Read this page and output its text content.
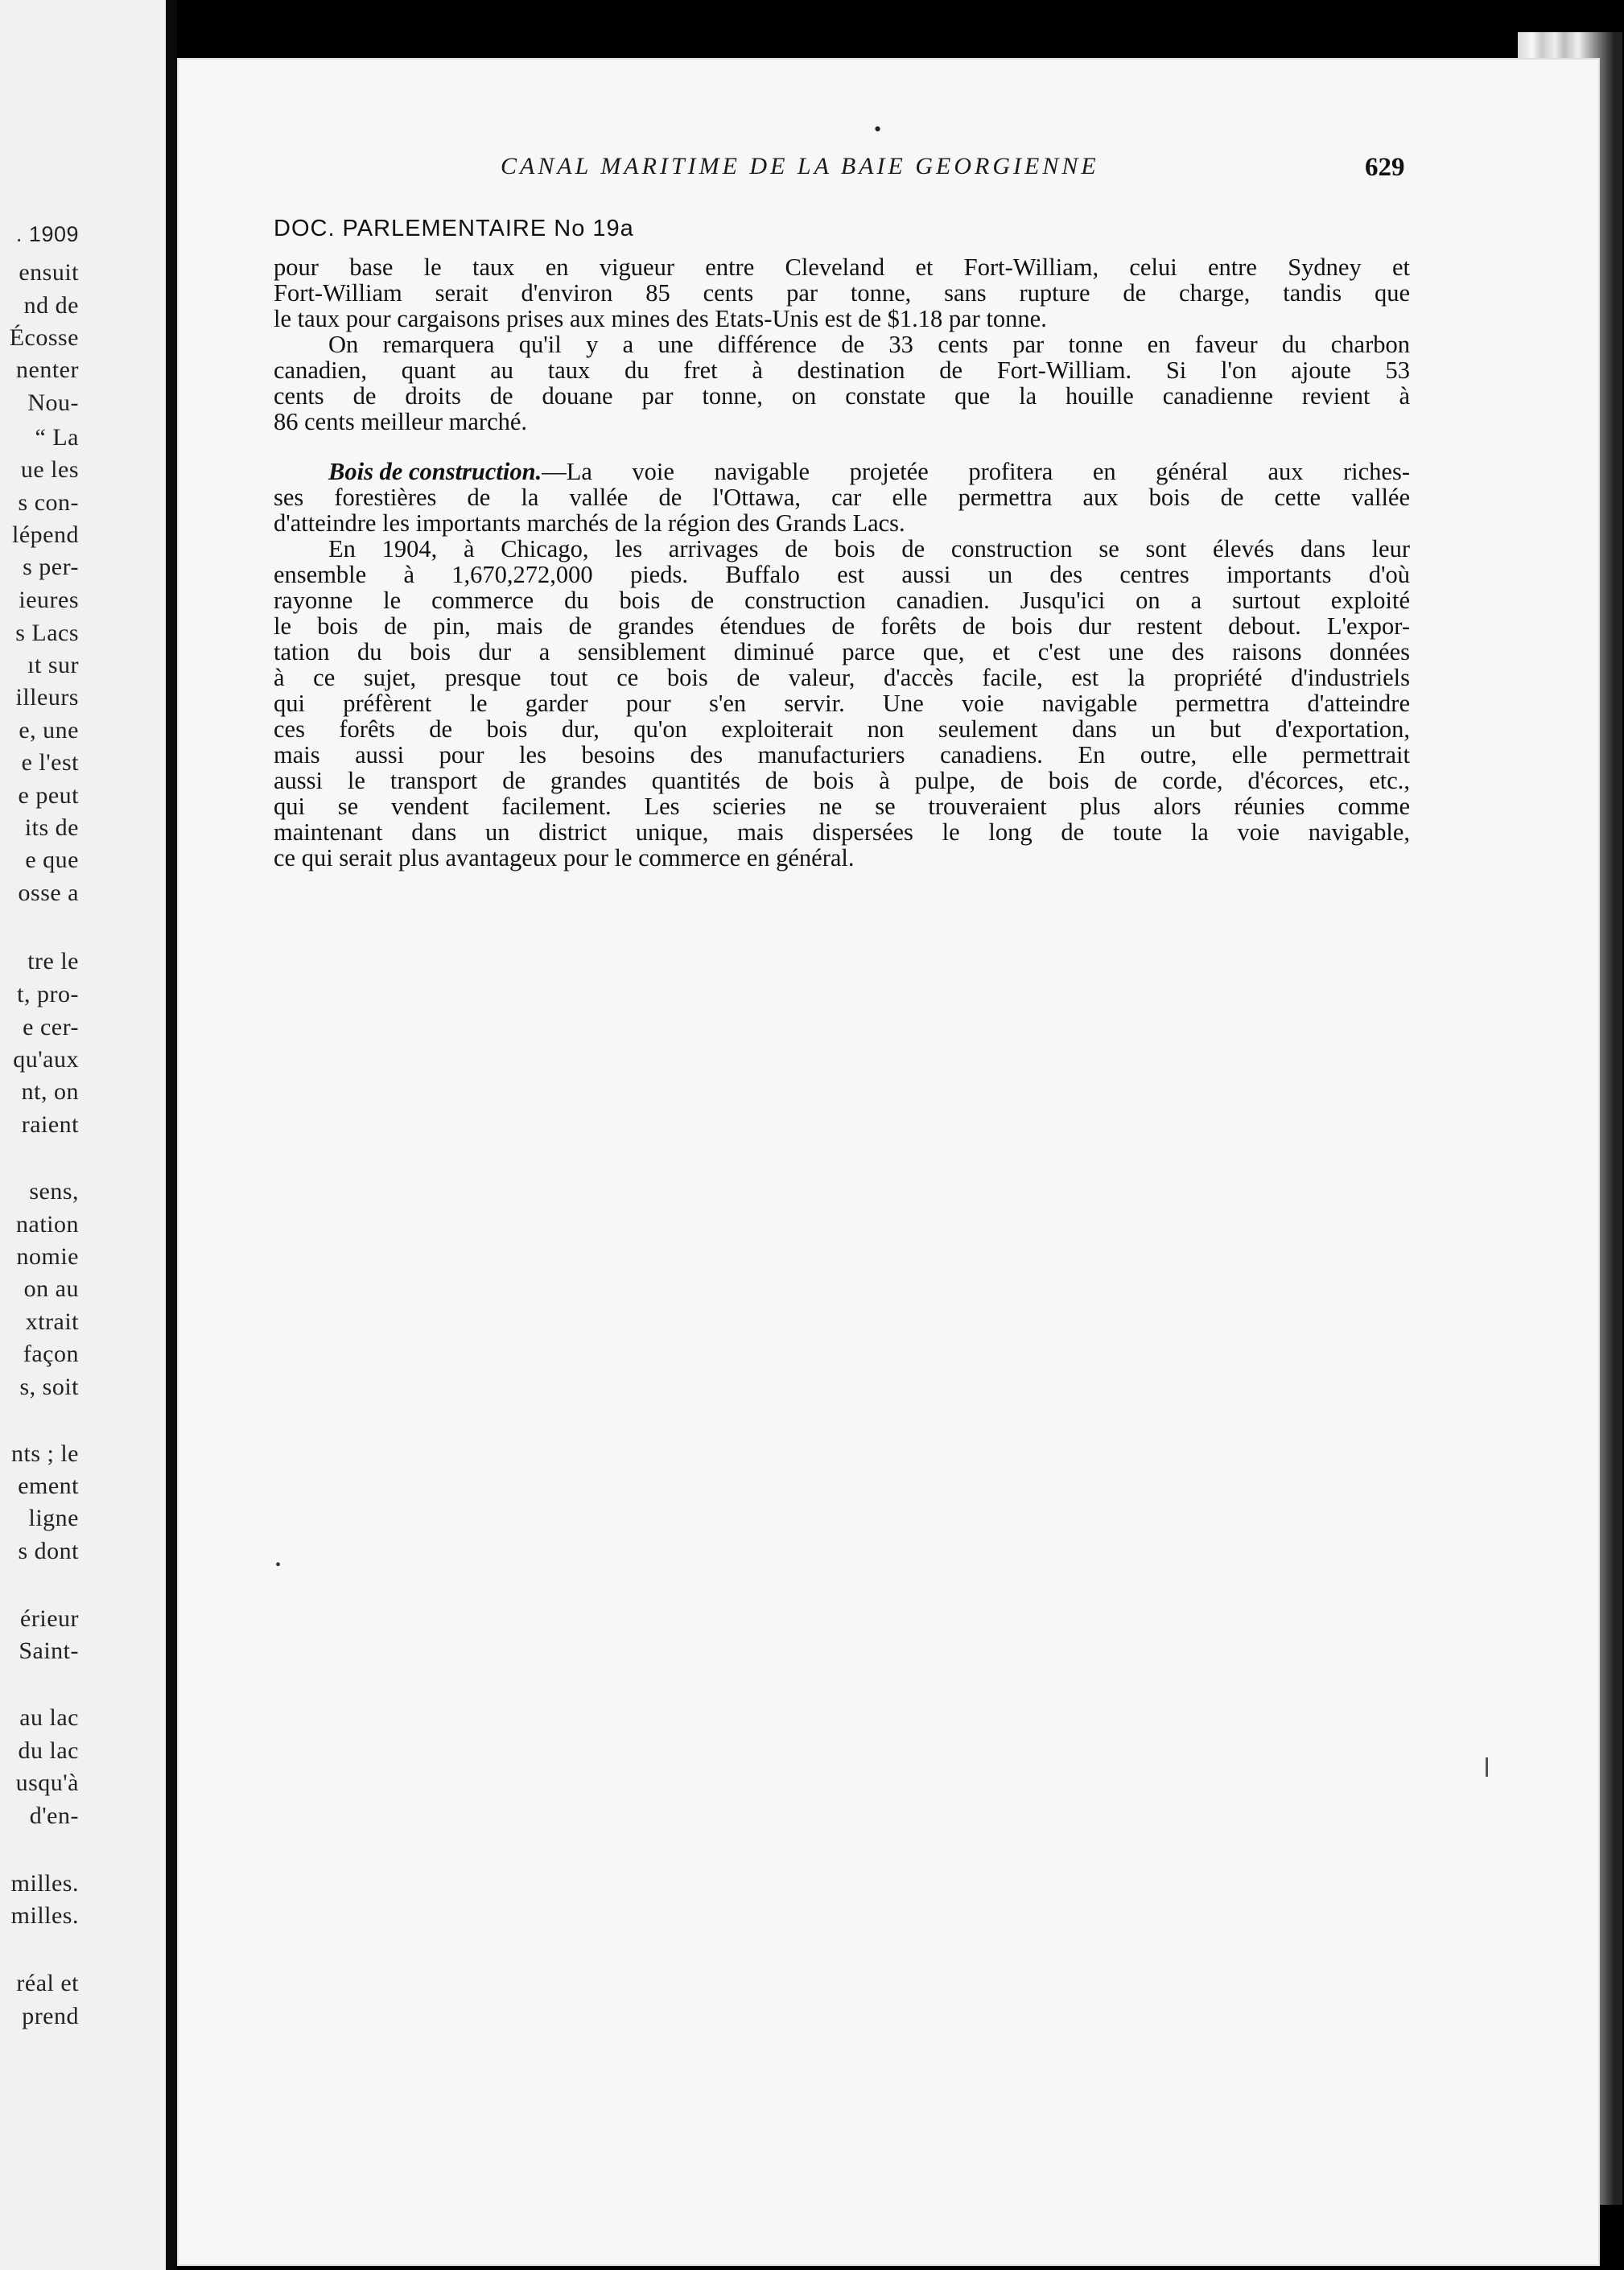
. 1909
ensuit
nd de
Écosse
nenter
Nou-
“ La
ue les
s con-
lépend
s per-
ieures
s Lacs
ıt sur
illeurs
e, une
e l'est
e peut
its de
e que
osse a
tre le
t, pro-
e cer-
qu'aux
nt, on
raient
sens,
nation
nomie
on au
xtrait
façon
s, soit
nts ; le
ement
ligne
s dont
érieur
Saint-
au lac
du lac
usqu'à
d'en-
milles.
milles.
réal et
prend
•
CANAL MARITIME DE LA BAIE GEORGIENNE	629
DOC. PARLEMENTAIRE No 19a
pour base le taux en vigueur entre Cleveland et Fort-William, celui entre Sydney et
Fort-William serait d'environ 85 cents par tonne, sans rupture de charge, tandis que
le taux pour cargaisons prises aux mines des Etats-Unis est de $1.18 par tonne.
On remarquera qu'il y a une différence de 33 cents par tonne en faveur du charbon
canadien, quant au taux du fret à destination de Fort-William. Si l'on ajoute 53
cents de droits de douane par tonne, on constate que la houille canadienne revient à
86 cents meilleur marché.
Bois de construction. —La voie navigable projetée profitera en général aux riches-
ses forestières de la vallée de l'Ottawa, car elle permettra aux bois de cette vallée
d'atteindre les importants marchés de la région des Grands Lacs.
En 1904, à Chicago, les arrivages de bois de construction se sont élevés dans leur
ensemble à 1,670,272,000 pieds. Buffalo est aussi un des centres importants d'où
rayonne le commerce du bois de construction canadien. Jusqu'ici on a surtout exploité
le bois de pin, mais de grandes étendues de forêts de bois dur restent debout. L'expor-
tation du bois dur a sensiblement diminué parce que, et c'est une des raisons données
à ce sujet, presque tout ce bois de valeur, d'accès facile, est la propriété d'industriels
qui préfèrent le garder pour s'en servir. Une voie navigable permettra d'atteindre
ces forêts de bois dur, qu'on exploiterait non seulement dans un but d'exportation,
mais aussi pour les besoins des manufacturiers canadiens. En outre, elle permettrait
aussi le transport de grandes quantités de bois à pulpe, de bois de corde, d'écorces, etc.,
qui se vendent facilement. Les scieries ne se trouveraient plus alors réunies comme
maintenant dans un district unique, mais dispersées le long de toute la voie navigable,
ce qui serait plus avantageux pour le commerce en général.
•
